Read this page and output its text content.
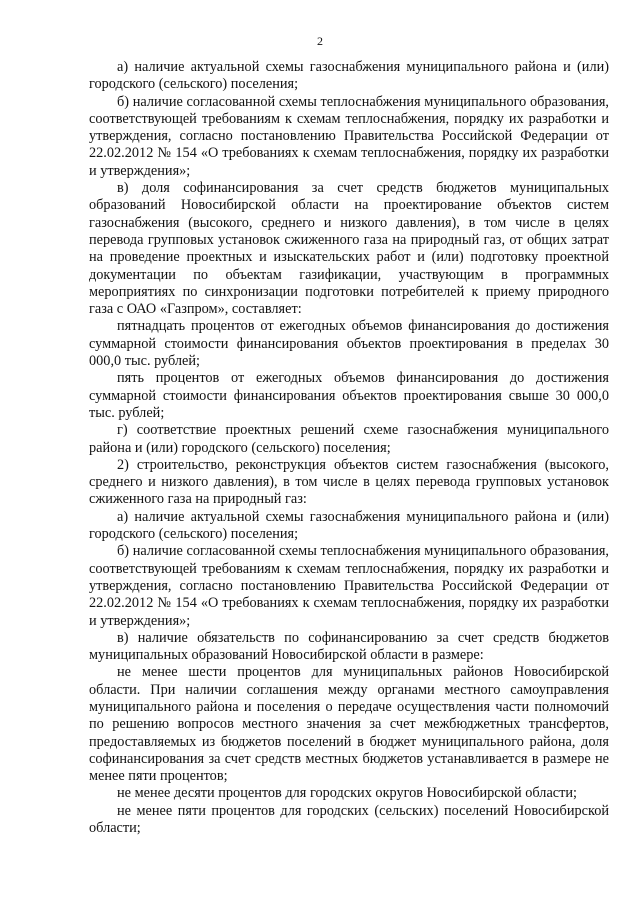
2

а) наличие актуальной схемы газоснабжения муниципального района и (или) городского (сельского) поселения;

б) наличие согласованной схемы теплоснабжения муниципального образования, соответствующей требованиям к схемам теплоснабжения, порядку их разработки и утверждения, согласно постановлению Правительства Российской Федерации от 22.02.2012 № 154 «О требованиях к схемам теплоснабжения, порядку их разработки и утверждения»;

в) доля софинансирования за счет средств бюджетов муниципальных образований Новосибирской области на проектирование объектов систем газоснабжения (высокого, среднего и низкого давления), в том числе в целях перевода групповых установок сжиженного газа на природный газ, от общих затрат на проведение проектных и изыскательских работ и (или) подготовку проектной документации по объектам газификации, участвующим в программных мероприятиях по синхронизации подготовки потребителей к приему природного газа с ОАО «Газпром», составляет:

пятнадцать процентов от ежегодных объемов финансирования до достижения суммарной стоимости финансирования объектов проектирования в пределах 30 000,0 тыс. рублей;

пять процентов от ежегодных объемов финансирования до достижения суммарной стоимости финансирования объектов проектирования свыше 30 000,0 тыс. рублей;

г) соответствие проектных решений схеме газоснабжения муниципального района и (или) городского (сельского) поселения;

2) строительство, реконструкция объектов систем газоснабжения (высокого, среднего и низкого давления), в том числе в целях перевода групповых установок сжиженного газа на природный газ:

а) наличие актуальной схемы газоснабжения муниципального района и (или) городского (сельского) поселения;

б) наличие согласованной схемы теплоснабжения муниципального образования, соответствующей требованиям к схемам теплоснабжения, порядку их разработки и утверждения, согласно постановлению Правительства Российской Федерации от 22.02.2012 № 154 «О требованиях к схемам теплоснабжения, порядку их разработки и утверждения»;

в) наличие обязательств по софинансированию за счет средств бюджетов муниципальных образований Новосибирской области в размере:

не менее шести процентов для муниципальных районов Новосибирской области. При наличии соглашения между органами местного самоуправления муниципального района и поселения о передаче осуществления части полномочий по решению вопросов местного значения за счет межбюджетных трансфертов, предоставляемых из бюджетов поселений в бюджет муниципального района, доля софинансирования за счет средств местных бюджетов устанавливается в размере не менее пяти процентов;

не менее десяти процентов для городских округов Новосибирской области;

не менее пяти процентов для городских (сельских) поселений Новосибирской области;
